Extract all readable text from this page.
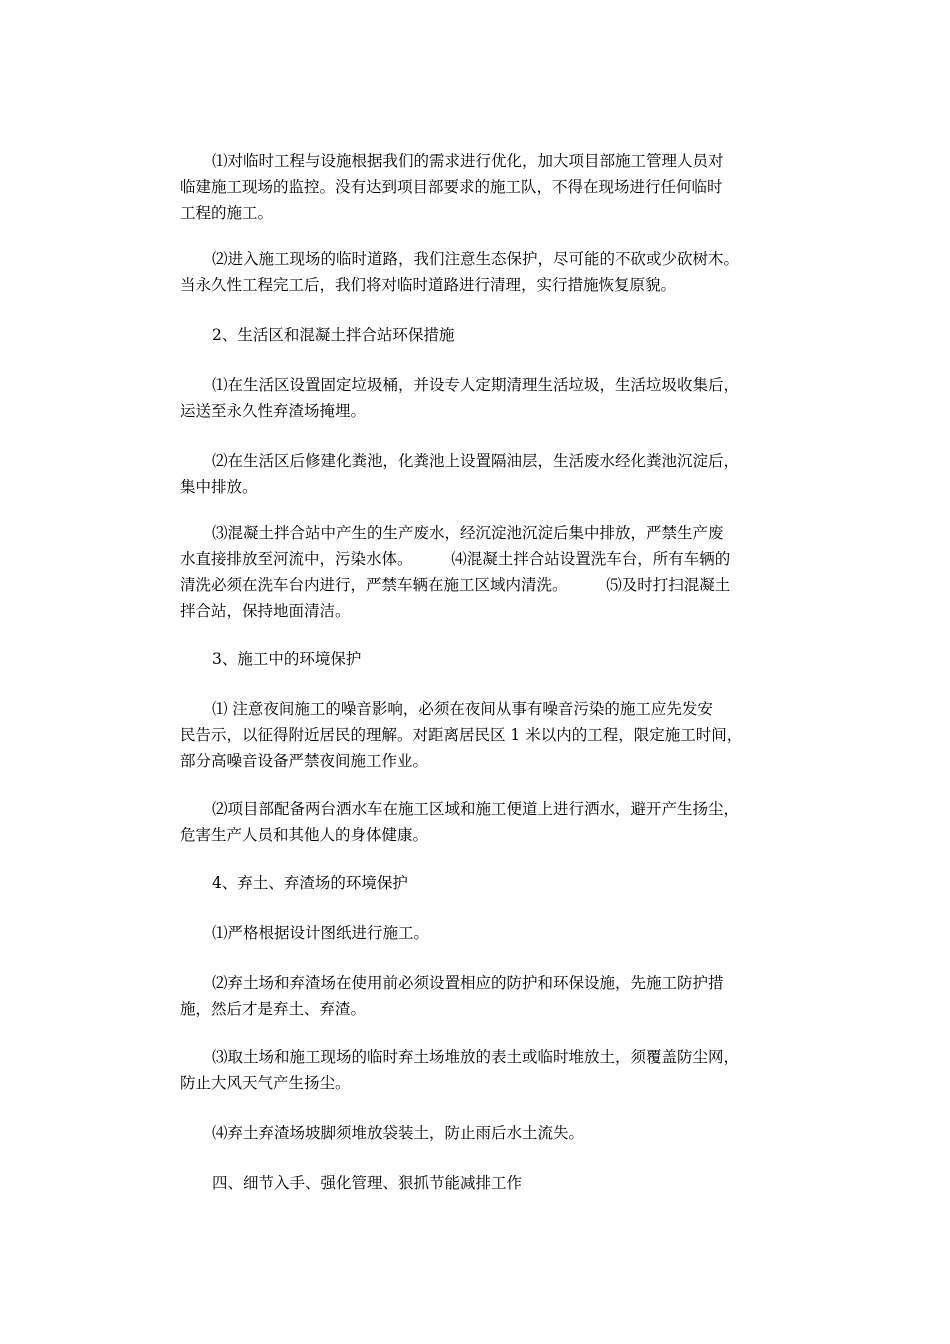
⑴对临时工程与设施根据我们的需求进行优化，加大项目部施工管理人员对
临建施工现场的监控。没有达到项目部要求的施工队，不得在现场进行任何临时
工程的施工。
⑵进入施工现场的临时道路，我们注意生态保护，尽可能的不砍或少砍树木。
当永久性工程完工后，我们将对临时道路进行清理，实行措施恢复原貌。
2、生活区和混凝土拌合站环保措施
⑴在生活区设置固定垃圾桶，并设专人定期清理生活垃圾，生活垃圾收集后，
运送至永久性弃渣场掩埋。
⑵在生活区后修建化粪池，化粪池上设置隔油层，生活废水经化粪池沉淀后，
集中排放。
⑶混凝土拌合站中产生的生产废水，经沉淀池沉淀后集中排放，严禁生产废
水直接排放至河流中，污染水体。　　　⑷混凝土拌合站设置洗车台，所有车辆的
清洗必须在洗车台内进行，严禁车辆在施工区域内清洗。　　　⑸及时打扫混凝土
拌合站，保持地面清洁。
3、施工中的环境保护
⑴ 注意夜间施工的噪音影响，必须在夜间从事有噪音污染的施工应先发安
民告示，以征得附近居民的理解。对距离居民区 1 米以内的工程，限定施工时间，
部分高噪音设备严禁夜间施工作业。
⑵项目部配备两台洒水车在施工区域和施工便道上进行洒水，避开产生扬尘，
危害生产人员和其他人的身体健康。
4、弃土、弃渣场的环境保护
⑴严格根据设计图纸进行施工。
⑵弃土场和弃渣场在使用前必须设置相应的防护和环保设施，先施工防护措
施，然后才是弃土、弃渣。
⑶取土场和施工现场的临时弃土场堆放的表土或临时堆放土，须覆盖防尘网，
防止大风天气产生扬尘。
⑷弃土弃渣场坡脚须堆放袋装土，防止雨后水土流失。
四、细节入手、强化管理、狠抓节能减排工作
